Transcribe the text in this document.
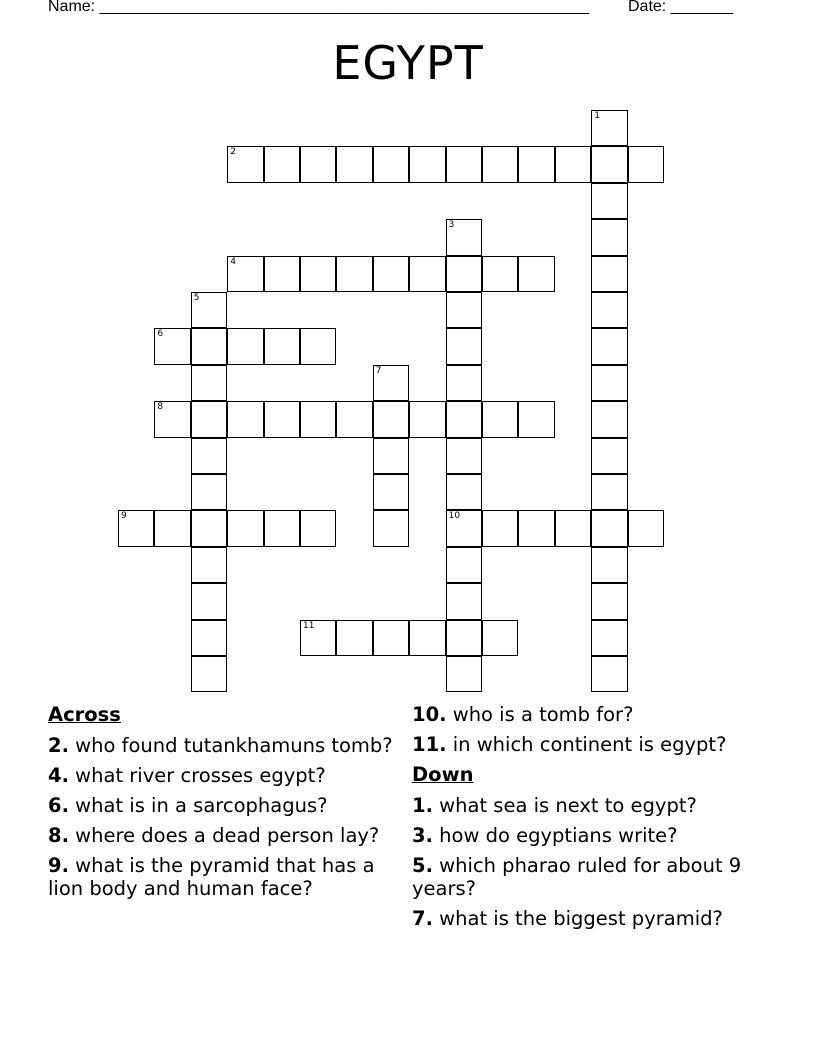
Name: _______________________________________________________ Date: _______
EGYPT
1
2
3
10
4
5
6
7
8
9
11
Across
2. who found tutankhamuns tomb?
4. what river crosses egypt?
6. what is in a sarcophagus?
8. where does a dead person lay?
9. what is the pyramid that has a lion body and human face?
10. who is a tomb for?
11. in which continent is egypt?
Down
1. what sea is next to egypt?
3. how do egyptians write?
5. which pharao ruled for about 9 years?
7. what is the biggest pyramid?
